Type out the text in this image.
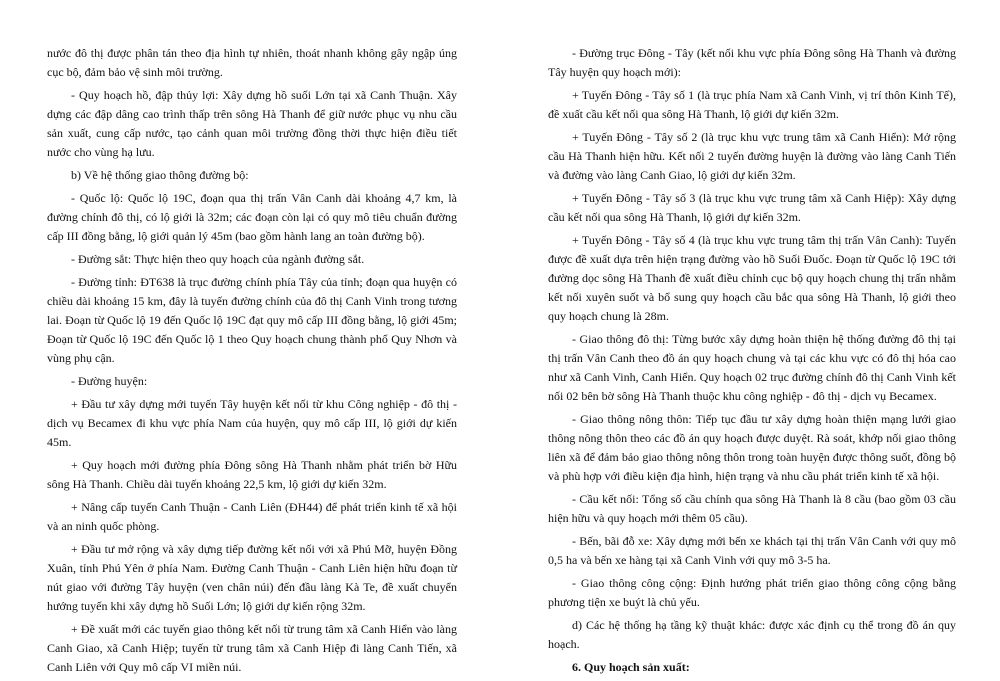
nước đô thị được phân tán theo địa hình tự nhiên, thoát nhanh không gây ngập úng cục bộ, đảm bảo vệ sinh môi trường.

- Quy hoạch hồ, đập thủy lợi: Xây dựng hồ suối Lớn tại xã Canh Thuận. Xây dựng các đập dâng cao trình thấp trên sông Hà Thanh để giữ nước phục vụ nhu cầu sản xuất, cung cấp nước, tạo cảnh quan môi trường đồng thời thực hiện điều tiết nước cho vùng hạ lưu.

b) Về hệ thống giao thông đường bộ:

- Quốc lộ: Quốc lộ 19C, đoạn qua thị trấn Vân Canh dài khoảng 4,7 km, là đường chính đô thị, có lộ giới là 32m; các đoạn còn lại có quy mô tiêu chuẩn đường cấp III đồng bằng, lộ giới quản lý 45m (bao gồm hành lang an toàn đường bộ).

- Đường sắt: Thực hiện theo quy hoạch của ngành đường sắt.

- Đường tỉnh: ĐT638 là trục đường chính phía Tây của tỉnh; đoạn qua huyện có chiều dài khoảng 15 km, đây là tuyến đường chính của đô thị Canh Vinh trong tương lai. Đoạn từ Quốc lộ 19 đến Quốc lộ 19C đạt quy mô cấp III đồng bằng, lộ giới 45m; Đoạn từ Quốc lộ 19C đến Quốc lộ 1 theo Quy hoạch chung thành phố Quy Nhơn và vùng phụ cận.

- Đường huyện:

+ Đầu tư xây dựng mới tuyến Tây huyện kết nối từ khu Công nghiệp - đô thị - dịch vụ Becamex đi khu vực phía Nam của huyện, quy mô cấp III, lộ giới dự kiến 45m.

+ Quy hoạch mới đường phía Đông sông Hà Thanh nhằm phát triển bờ Hữu sông Hà Thanh. Chiều dài tuyến khoảng 22,5 km, lộ giới dự kiến 32m.

+ Nâng cấp tuyến Canh Thuận - Canh Liên (ĐH44) để phát triển kinh tế xã hội và an ninh quốc phòng.

+ Đầu tư mở rộng và xây dựng tiếp đường kết nối với xã Phú Mỡ, huyện Đồng Xuân, tỉnh Phú Yên ở phía Nam. Đường Canh Thuận - Canh Liên hiện hữu đoạn từ nút giao với đường Tây huyện (ven chân núi) đến đầu làng Kà Te, đề xuất chuyển hướng tuyến khi xây dựng hồ Suối Lớn; lộ giới dự kiến rộng 32m.

+ Đề xuất mới các tuyến giao thông kết nối từ trung tâm xã Canh Hiển vào làng Canh Giao, xã Canh Hiệp; tuyến từ trung tâm xã Canh Hiệp đi làng Canh Tiến, xã Canh Liên với Quy mô cấp VI miền núi.

- Đường trục Đông - Tây (kết nối khu vực phía Đông sông Hà Thanh và đường Tây huyện quy hoạch mới):

+ Tuyến Đông - Tây số 1 (là trục phía Nam xã Canh Vinh, vị trí thôn Kinh Tế), đề xuất cầu kết nối qua sông Hà Thanh, lộ giới dự kiến 32m.

+ Tuyến Đông - Tây số 2 (là trục khu vực trung tâm xã Canh Hiển): Mở rộng cầu Hà Thanh hiện hữu. Kết nối 2 tuyến đường huyện là đường vào làng Canh Tiến và đường vào làng Canh Giao, lộ giới dự kiến 32m.

+ Tuyến Đông - Tây số 3 (là trục khu vực trung tâm xã Canh Hiệp): Xây dựng cầu kết nối qua sông Hà Thanh, lộ giới dự kiến 32m.

+ Tuyến Đông - Tây số 4 (là trục khu vực trung tâm thị trấn Vân Canh): Tuyến được đề xuất dựa trên hiện trạng đường vào hồ Suối Đuốc. Đoạn từ Quốc lộ 19C tới đường dọc sông Hà Thanh đề xuất điều chỉnh cục bộ quy hoạch chung thị trấn nhằm kết nối xuyên suốt và bổ sung quy hoạch cầu bắc qua sông Hà Thanh, lộ giới theo quy hoạch chung là 28m.

- Giao thông đô thị: Từng bước xây dựng hoàn thiện hệ thống đường đô thị tại thị trấn Vân Canh theo đồ án quy hoạch chung và tại các khu vực có đô thị hóa cao như xã Canh Vinh, Canh Hiển. Quy hoạch 02 trục đường chính đô thị Canh Vinh kết nối 02 bên bờ sông Hà Thanh thuộc khu công nghiệp - đô thị - dịch vụ Becamex.

- Giao thông nông thôn: Tiếp tục đầu tư xây dựng hoàn thiện mạng lưới giao thông nông thôn theo các đồ án quy hoạch được duyệt. Rà soát, khớp nối giao thông liên xã để đảm bảo giao thông nông thôn trong toàn huyện được thông suốt, đồng bộ và phù hợp với điều kiện địa hình, hiện trạng và nhu cầu phát triển kinh tế xã hội.

- Cầu kết nối: Tổng số cầu chính qua sông Hà Thanh là 8 cầu (bao gồm 03 cầu hiện hữu và quy hoạch mới thêm 05 cầu).

- Bến, bãi đỗ xe: Xây dựng mới bến xe khách tại thị trấn Vân Canh với quy mô 0,5 ha và bến xe hàng tại xã Canh Vinh với quy mô 3-5 ha.

- Giao thông công cộng: Định hướng phát triển giao thông công cộng bằng phương tiện xe buýt là chủ yếu.

d) Các hệ thống hạ tầng kỹ thuật khác: được xác định cụ thể trong đồ án quy hoạch.

6. Quy hoạch sản xuất:
